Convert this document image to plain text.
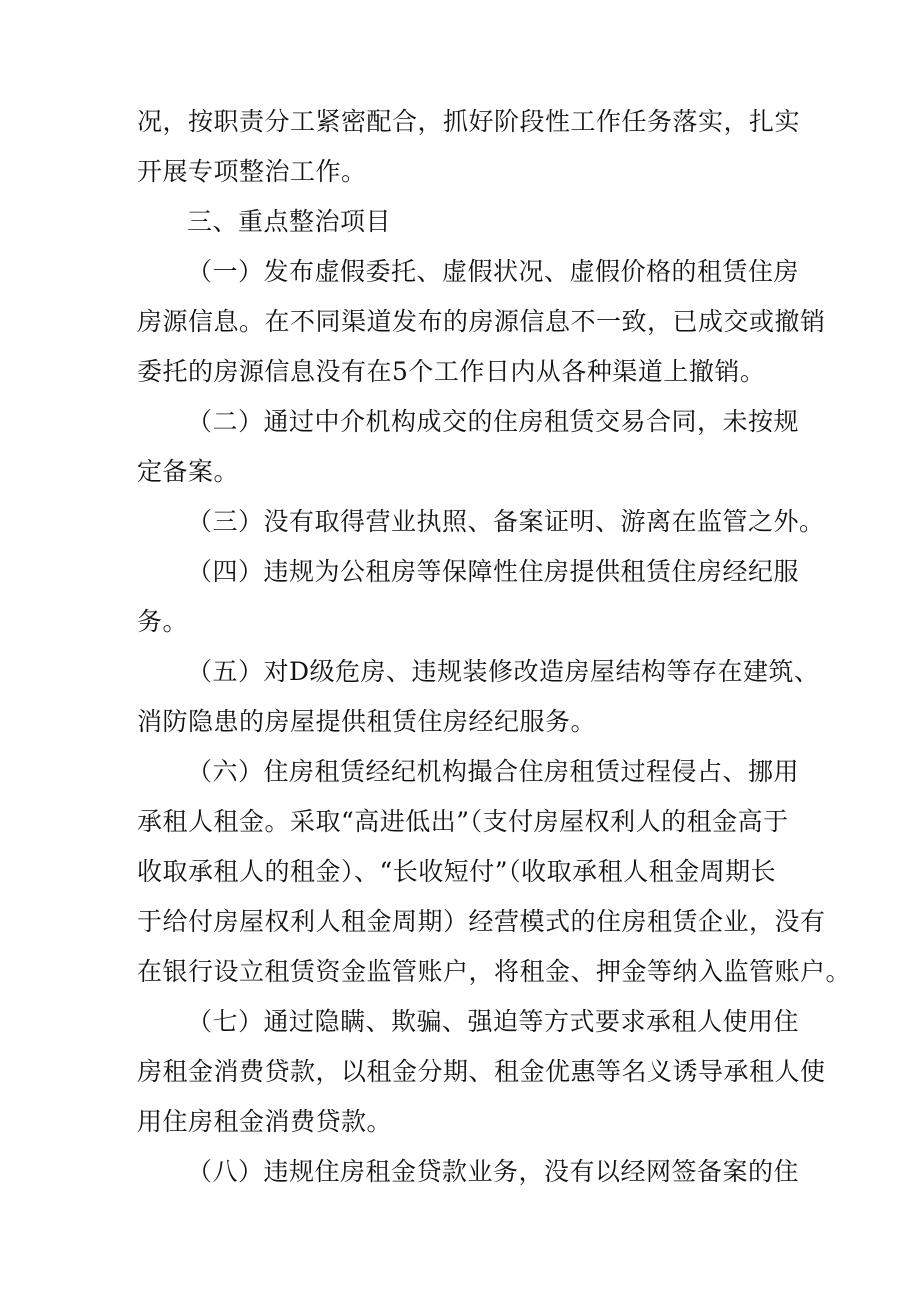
况，按职责分工紧密配合，抓好阶段性工作任务落实，扎实

开展专项整治工作。

三、重点整治项目

（一）发布虚假委托、虚假状况、虚假价格的租赁住房

房源信息。在不同渠道发布的房源信息不一致，已成交或撤销

委托的房源信息没有在5个工作日内从各种渠道上撤销。

（二）通过中介机构成交的住房租赁交易合同，未按规

定备案。

（三）没有取得营业执照、备案证明、游离在监管之外。

（四）违规为公租房等保障性住房提供租赁住房经纪服

务。

（五）对D级危房、违规装修改造房屋结构等存在建筑、

消防隐患的房屋提供租赁住房经纪服务。

（六）住房租赁经纪机构撮合住房租赁过程侵占、挪用

承租人租金。采取“高进低出”（支付房屋权利人的租金高于

收取承租人的租金）、“长收短付”（收取承租人租金周期长

于给付房屋权利人租金周期）经营模式的住房租赁企业，没有

在银行设立租赁资金监管账户，将租金、押金等纳入监管账户。

（七）通过隐瞒、欺骗、强迫等方式要求承租人使用住

房租金消费贷款，以租金分期、租金优惠等名义诱导承租人使

用住房租金消费贷款。

（八）违规住房租金贷款业务，没有以经网签备案的住
